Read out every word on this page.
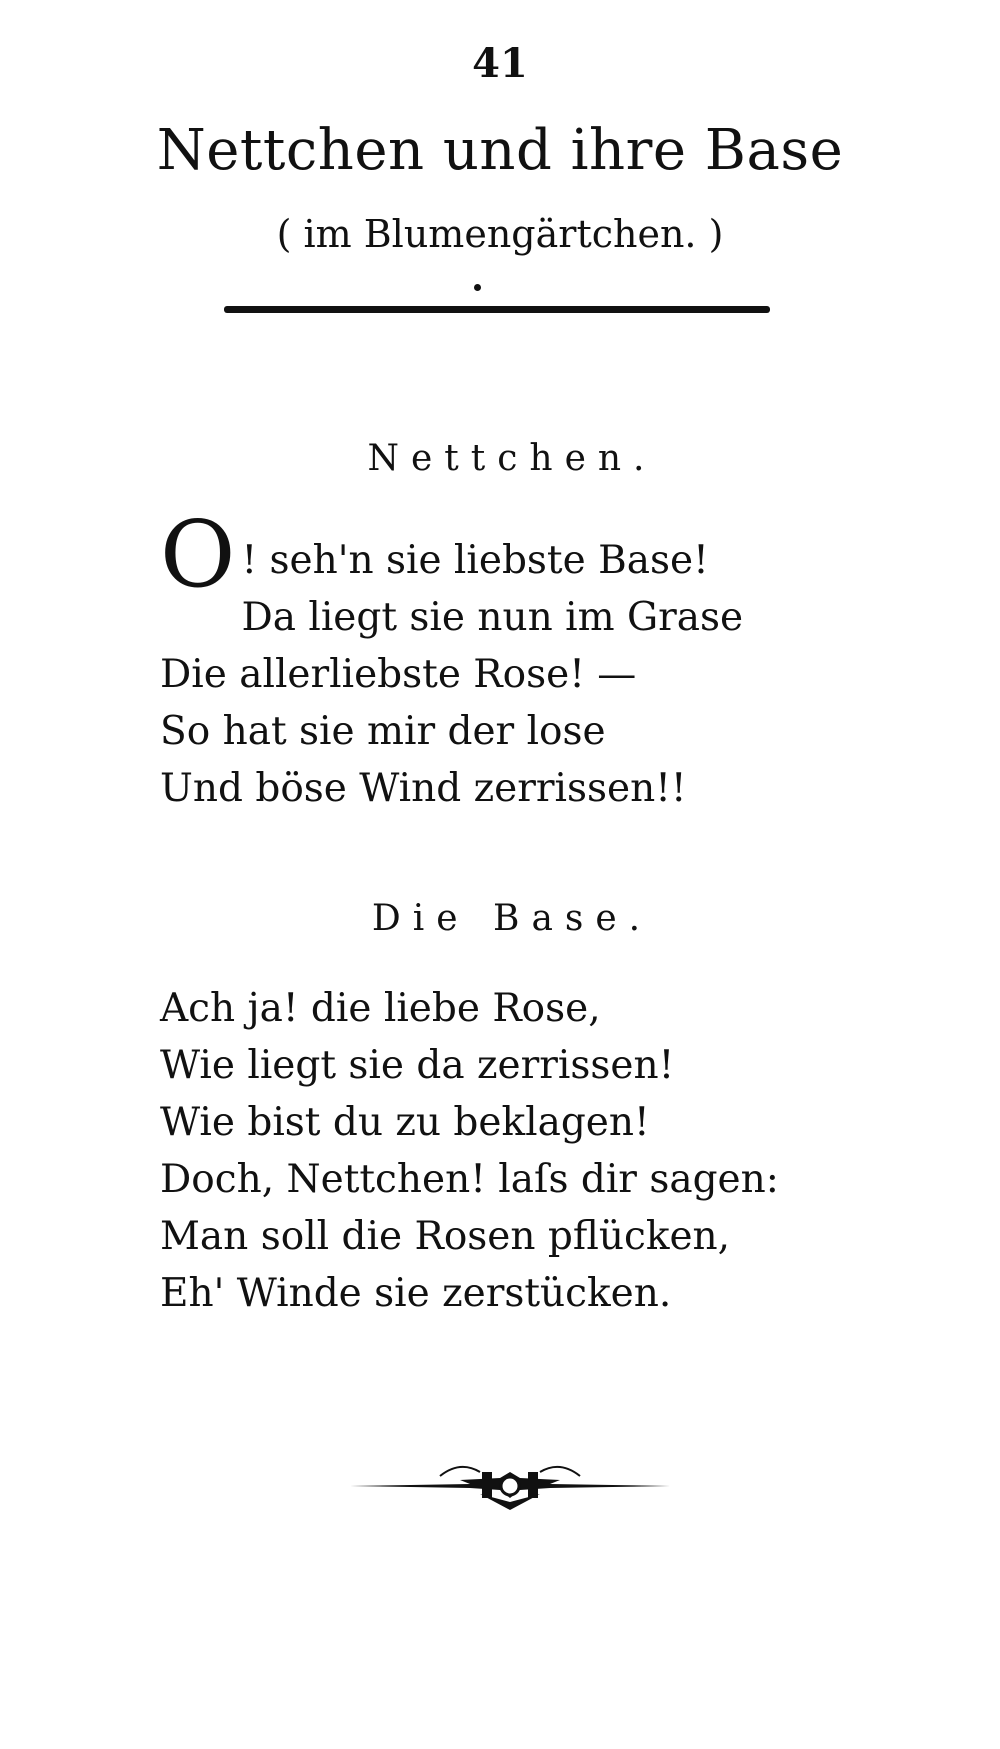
41
Nettchen und ihre Base
( im Blumengärtchen. )
Nettchen.
O ! seh'n sie liebste Base!
Da liegt sie nun im Grase
Die allerliebste Rose! —
So hat sie mir der lose
Und böse Wind zerrissen!!
Die Base.
Ach ja! die liebe Rose,
Wie liegt sie da zerrissen!
Wie bist du zu beklagen!
Doch, Nettchen! laſs dir sagen:
Man soll die Rosen pflücken,
Eh' Winde sie zerstücken.
